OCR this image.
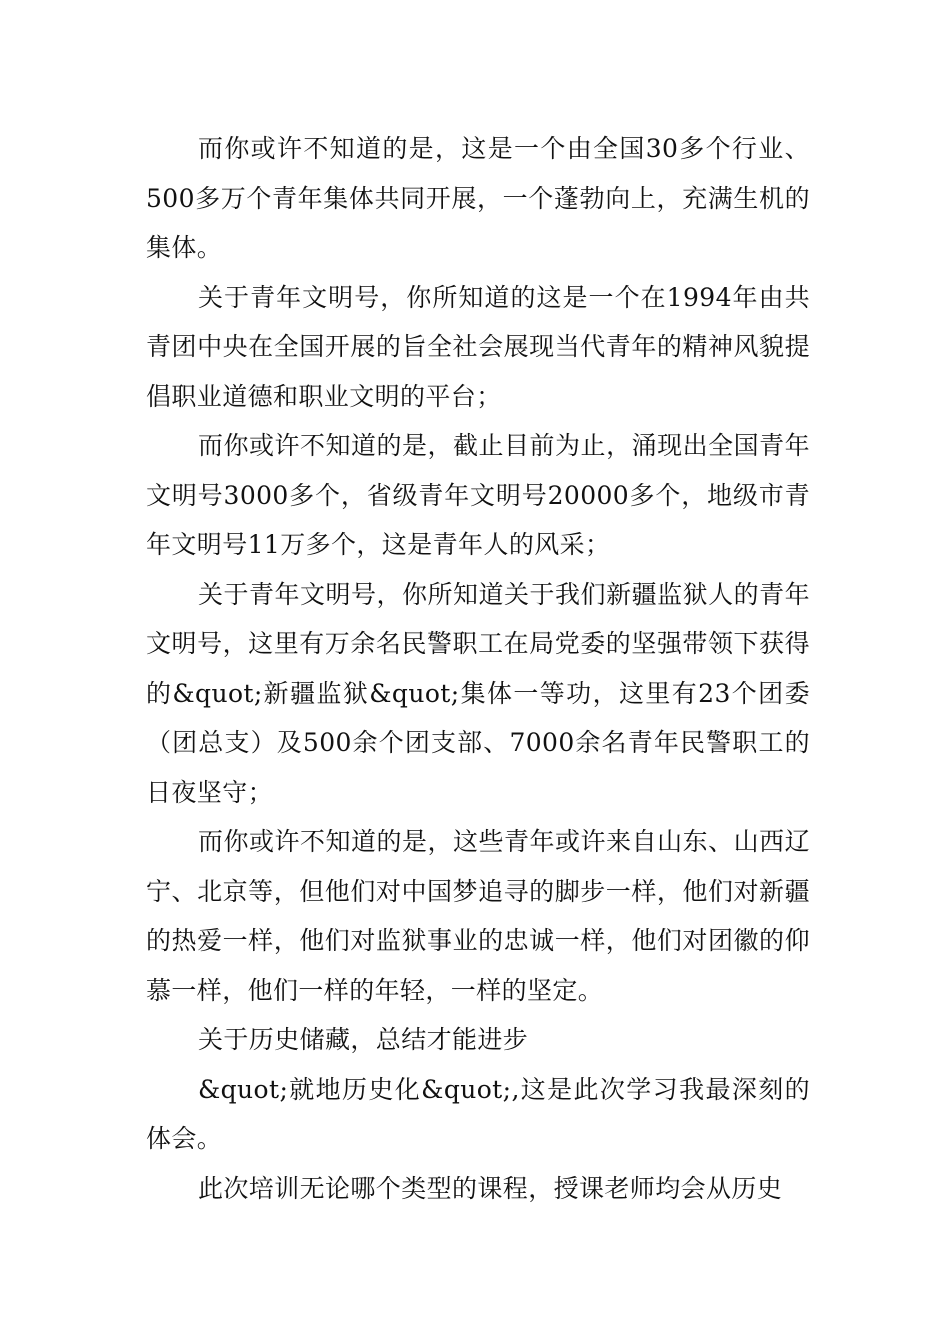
而你或许不知道的是，这是一个由全国30多个行业、500多万个青年集体共同开展，一个蓬勃向上，充满生机的集体。

关于青年文明号，你所知道的这是一个在1994年由共青团中央在全国开展的旨全社会展现当代青年的精神风貌提倡职业道德和职业文明的平台；

而你或许不知道的是，截止目前为止，涌现出全国青年文明号3000多个，省级青年文明号20000多个，地级市青年文明号11万多个，这是青年人的风采；

关于青年文明号，你所知道关于我们新疆监狱人的青年文明号，这里有万余名民警职工在局党委的坚强带领下获得的&quot;新疆监狱&quot;集体一等功，这里有23个团委（团总支）及500余个团支部、7000余名青年民警职工的日夜坚守；

而你或许不知道的是，这些青年或许来自山东、山西辽宁、北京等，但他们对中国梦追寻的脚步一样，他们对新疆的热爱一样，他们对监狱事业的忠诚一样，他们对团徽的仰慕一样，他们一样的年轻，一样的坚定。

关于历史储藏，总结才能进步

&quot;就地历史化&quot;,这是此次学习我最深刻的体会。

此次培训无论哪个类型的课程，授课老师均会从历史
